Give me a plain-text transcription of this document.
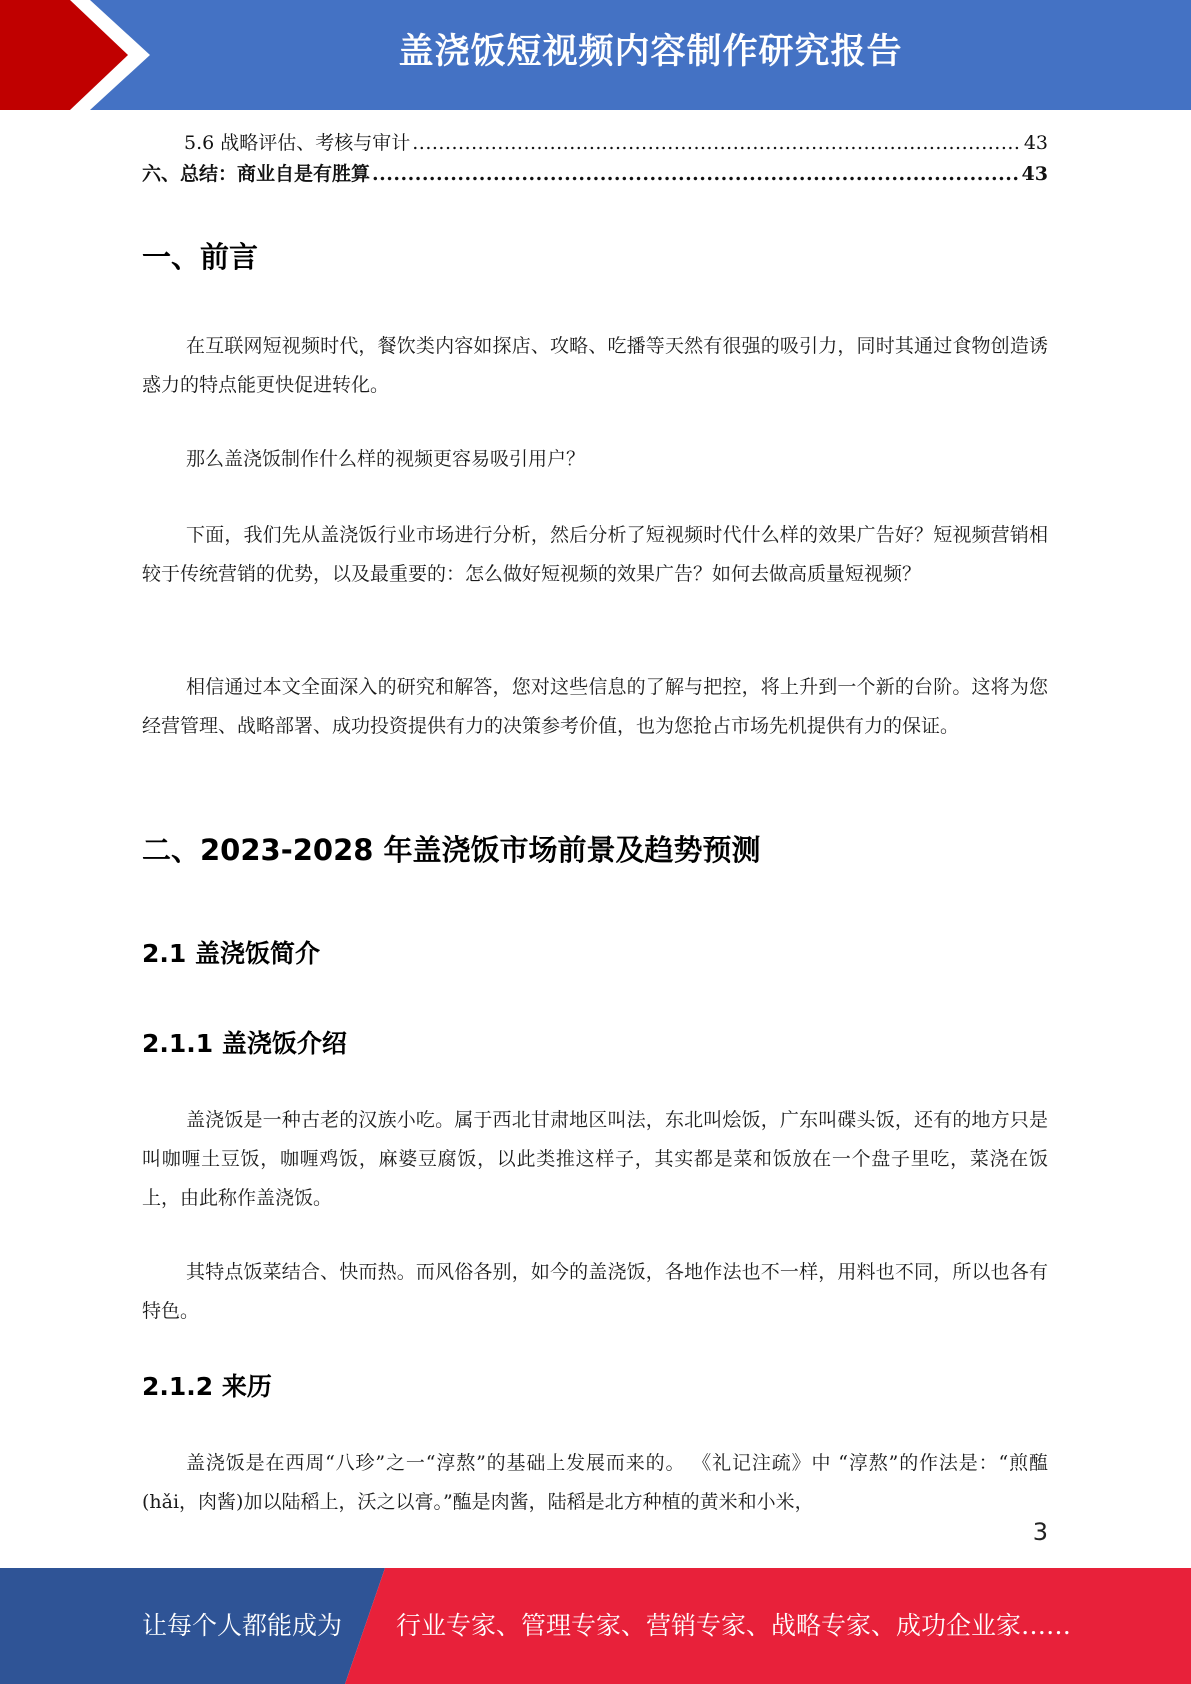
盖浇饭短视频内容制作研究报告
5.6 战略评估、考核与审计 .....	43
六、总结：商业自是有胜算 .....	43
一、前言

在互联网短视频时代，餐饮类内容如探店、攻略、吃播等天然有很强的吸引力，同时其通过食物创造诱惑力的特点能更快促进转化。

那么盖浇饭制作什么样的视频更容易吸引用户？

下面，我们先从盖浇饭行业市场进行分析，然后分析了短视频时代什么样的效果广告好？短视频营销相较于传统营销的优势，以及最重要的：怎么做好短视频的效果广告？如何去做高质量短视频？

相信通过本文全面深入的研究和解答，您对这些信息的了解与把控，将上升到一个新的台阶。这将为您经营管理、战略部署、成功投资提供有力的决策参考价值，也为您抢占市场先机提供有力的保证。

二、2023-2028 年盖浇饭市场前景及趋势预测
2.1 盖浇饭简介
2.1.1 盖浇饭介绍

盖浇饭是一种古老的汉族小吃。属于西北甘肃地区叫法，东北叫烩饭，广东叫碟头饭，还有的地方只是叫咖喱土豆饭，咖喱鸡饭，麻婆豆腐饭，以此类推这样子，其实都是菜和饭放在一个盘子里吃，菜浇在饭上，由此称作盖浇饭。

其特点饭菜结合、快而热。而风俗各别，如今的盖浇饭，各地作法也不一样，用料也不同，所以也各有特色。

2.1.2 来历

盖浇饭是在西周“八珍”之一“淳熬”的基础上发展而来的。 《礼记注疏》中 “淳熬”的作法是：“煎醢(hǎi，肉酱)加以陆稻上，沃之以膏。”醢是肉酱，陆稻是北方种植的黄米和小米，

3
让每个人都能成为 行业专家、管理专家、营销专家、战略专家、成功企业家……
